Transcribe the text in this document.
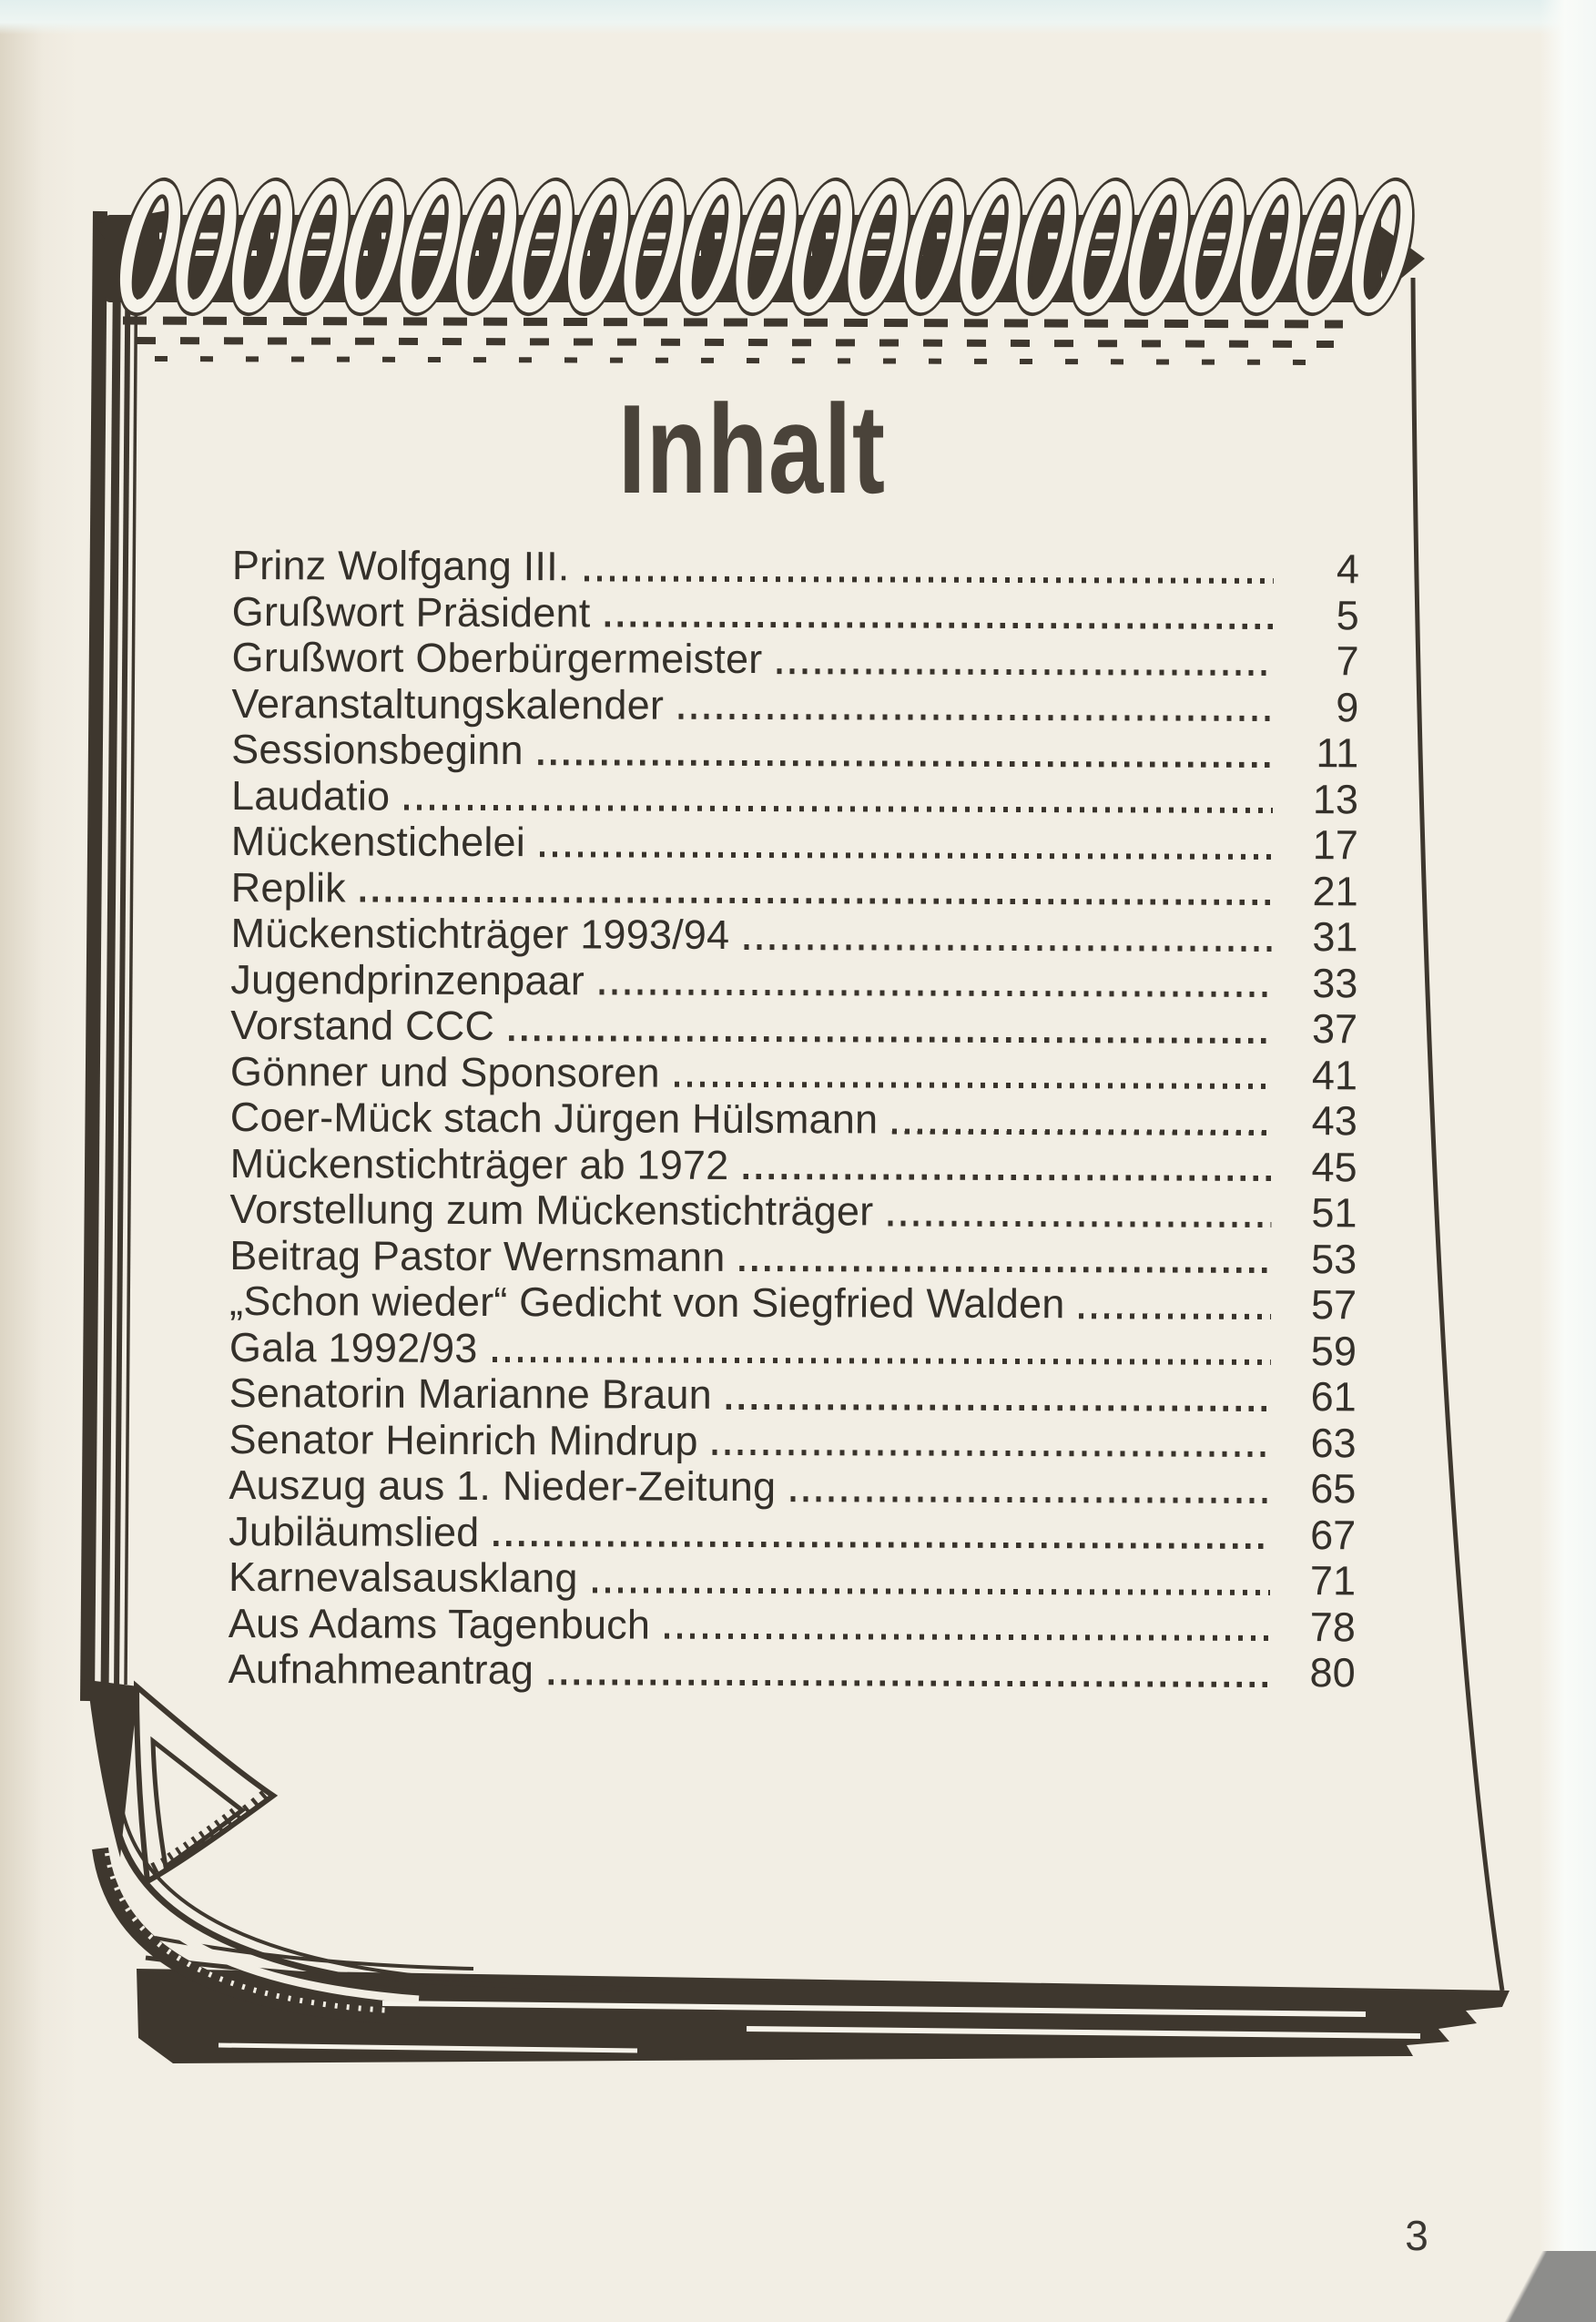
Inhalt
Prinz Wolfgang III.	4
Grußwort Präsident	5
Grußwort Oberbürgermeister	7
Veranstaltungskalender	9
Sessionsbeginn	11
Laudatio	13
Mückenstichelei	17
Replik	21
Mückenstichträger 1993/94	31
Jugendprinzenpaar	33
Vorstand CCC	37
Gönner und Sponsoren	41
Coer-Mück stach Jürgen Hülsmann	43
Mückenstichträger ab 1972	45
Vorstellung zum Mückenstichträger	51
Beitrag Pastor Wernsmann	53
„Schon wieder“ Gedicht von Siegfried Walden	57
Gala 1992/93	59
Senatorin Marianne Braun	61
Senator Heinrich Mindrup	63
Auszug aus 1. Nieder-Zeitung	65
Jubiläumslied	67
Karnevalsausklang	71
Aus Adams Tagenbuch	78
Aufnahmeantrag	80
3
